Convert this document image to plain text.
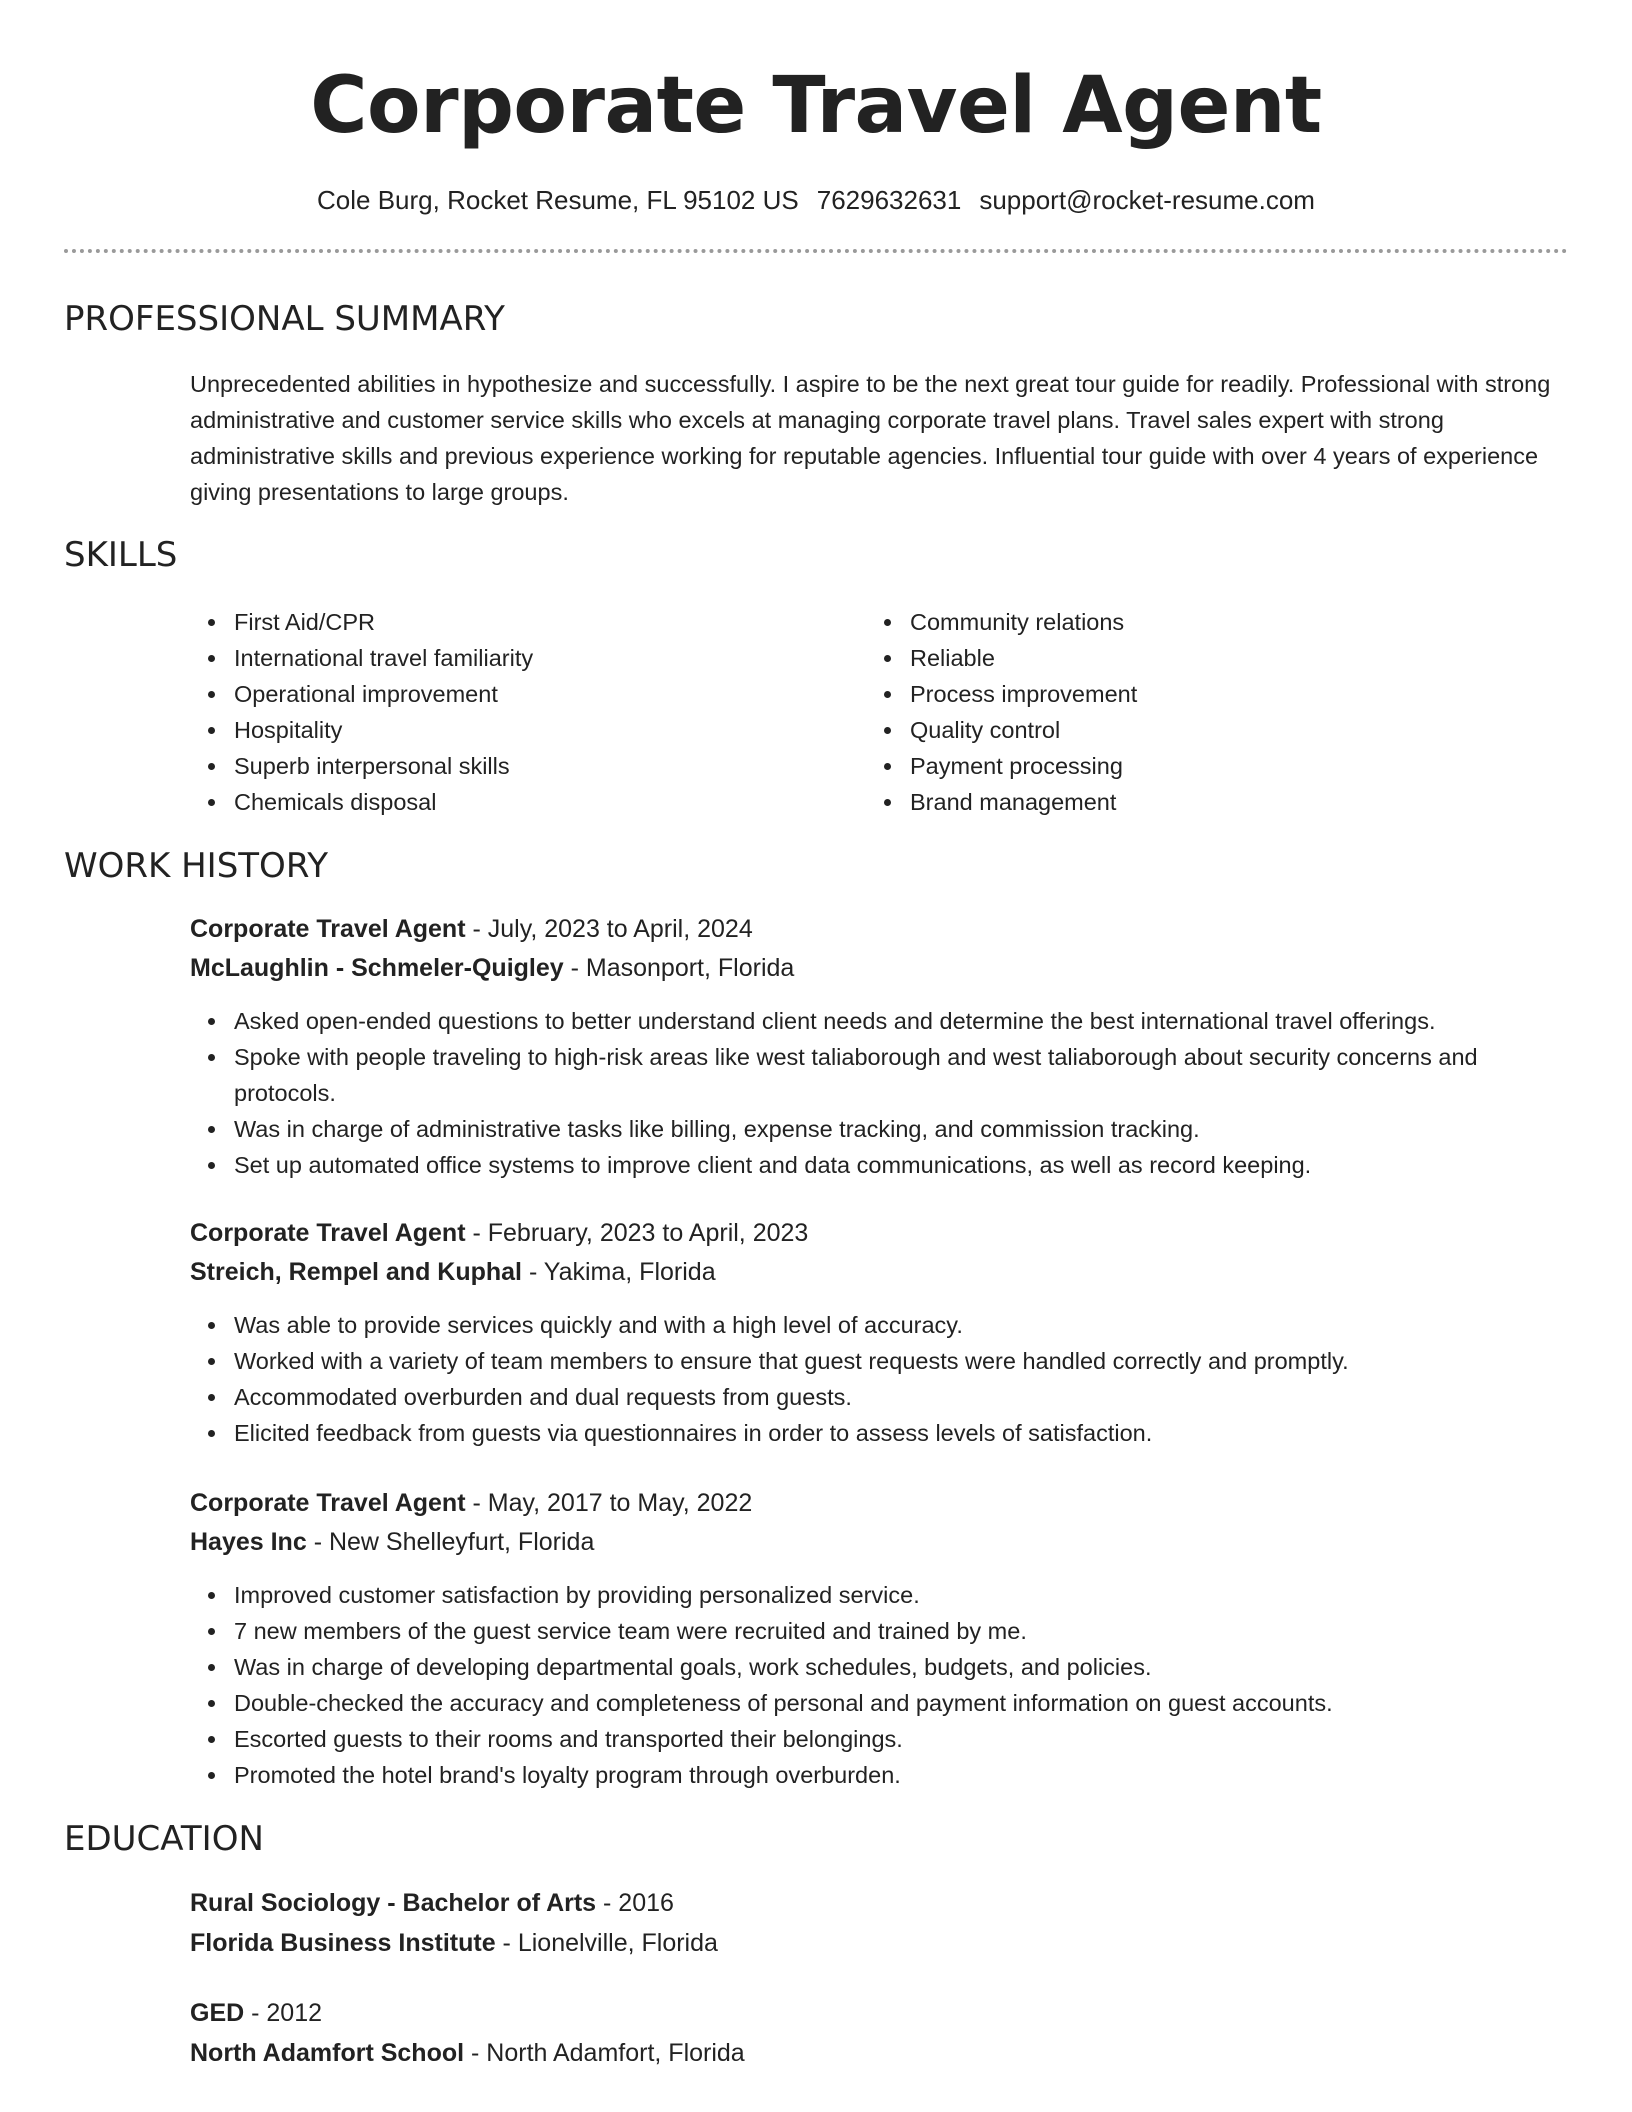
Corporate Travel Agent
Cole Burg, Rocket Resume, FL 95102 US 7629632631 support@rocket-resume.com
PROFESSIONAL SUMMARY

Unprecedented abilities in hypothesize and successfully. I aspire to be the next great tour guide for readily. Professional with strong administrative and customer service skills who excels at managing corporate travel plans. Travel sales expert with strong administrative skills and previous experience working for reputable agencies. Influential tour guide with over 4 years of experience giving presentations to large groups.

SKILLS
First Aid/CPR
International travel familiarity
Operational improvement
Hospitality
Superb interpersonal skills
Chemicals disposal
Community relations
Reliable
Process improvement
Quality control
Payment processing
Brand management
WORK HISTORY
Corporate Travel Agent - July, 2023 to April, 2024
McLaughlin - Schmeler-Quigley - Masonport, Florida
Asked open-ended questions to better understand client needs and determine the best international travel offerings.
Spoke with people traveling to high-risk areas like west taliaborough and west taliaborough about security concerns and protocols.
Was in charge of administrative tasks like billing, expense tracking, and commission tracking.
Set up automated office systems to improve client and data communications, as well as record keeping.
Corporate Travel Agent - February, 2023 to April, 2023
Streich, Rempel and Kuphal - Yakima, Florida
Was able to provide services quickly and with a high level of accuracy.
Worked with a variety of team members to ensure that guest requests were handled correctly and promptly.
Accommodated overburden and dual requests from guests.
Elicited feedback from guests via questionnaires in order to assess levels of satisfaction.
Corporate Travel Agent - May, 2017 to May, 2022
Hayes Inc - New Shelleyfurt, Florida
Improved customer satisfaction by providing personalized service.
7 new members of the guest service team were recruited and trained by me.
Was in charge of developing departmental goals, work schedules, budgets, and policies.
Double-checked the accuracy and completeness of personal and payment information on guest accounts.
Escorted guests to their rooms and transported their belongings.
Promoted the hotel brand's loyalty program through overburden.
EDUCATION
Rural Sociology - Bachelor of Arts - 2016
Florida Business Institute - Lionelville, Florida
GED - 2012
North Adamfort School - North Adamfort, Florida
